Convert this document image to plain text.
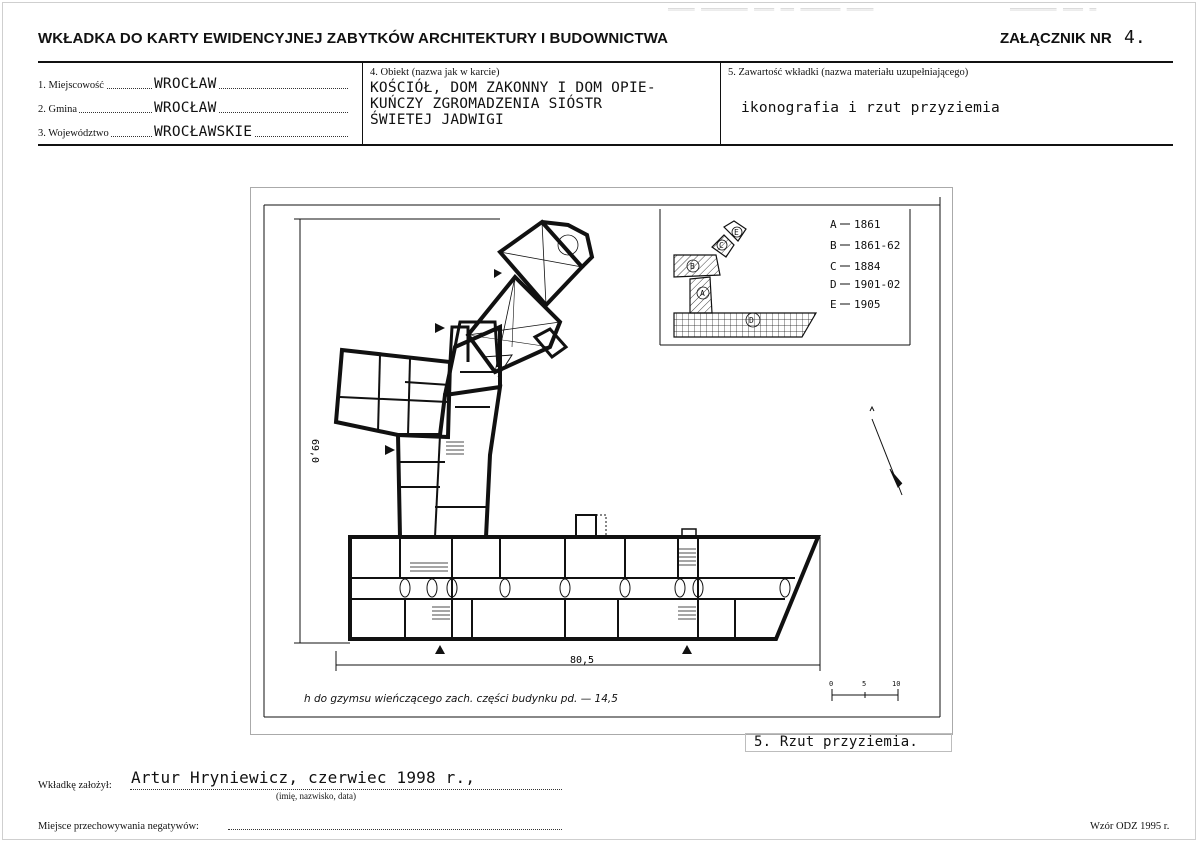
════ ═══════ ═══ ══ ══════ ════	═══════ ═══ ═
WKŁADKA DO KARTY EWIDENCYJNEJ ZABYTKÓW ARCHITEKTURY I BUDOWNICTWA	ZAŁĄCZNIK NR 4.
1. Miejscowość	WROCŁAW
2. Gmina	WROCŁAW
3. Województwo	WROCŁAWSKIE
4. Obiekt (nazwa jak w karcie)
KOŚCIÓŁ, DOM ZAKONNY I DOM OPIE-
KUŃCZY ZGROMADZENIA SIÓSTR
ŚWIETEJ JADWIGI
5. Zawartość wkładki (nazwa materiału uzupełniającego)
ikonografia i rzut przyziemia
69,0
80,5
D
A
B
C
E
A 1861
B 1861-62
C 1884
D 1901-02
E 1905
h do gzymsu wieńczącego zach. części budynku pd. — 14,5
0	5	10
5. Rzut przyziemia.
Wkładkę założył: Artur Hryniewicz, czerwiec 1998 r.,
(imię, nazwisko, data)
Miejsce przechowywania negatywów:	Wzór ODZ 1995 r.
